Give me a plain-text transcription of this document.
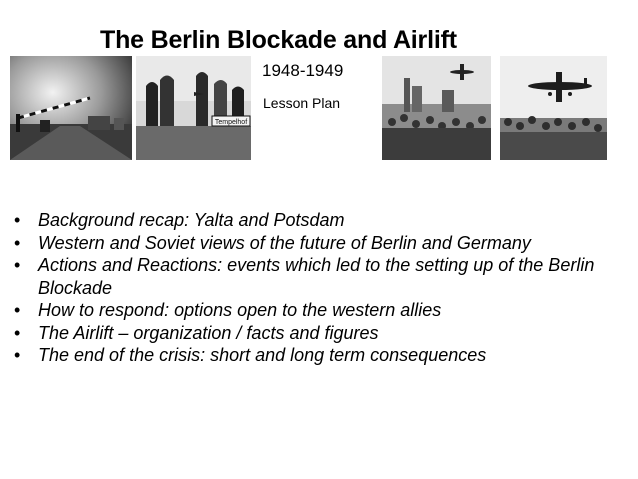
The Berlin Blockade and Airlift
1948-1949
Lesson Plan
Tempelhof
• Background recap: Yalta and Potsdam
• Western and Soviet views of the future of Berlin and Germany
• Actions and Reactions: events which led to the setting up of the Berlin Blockade
• How to respond: options open to the western allies
• The Airlift – organization / facts and figures
• The end of the crisis: short and long term consequences
